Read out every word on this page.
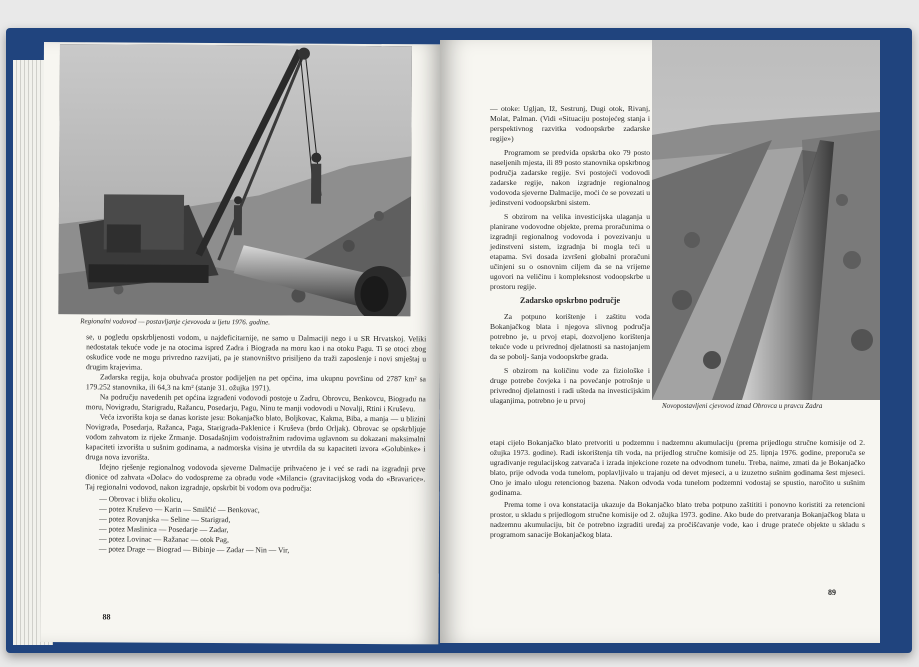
Regionalni vodovod — postavljanje cjevovoda u ljetu 1976. godine.

se, u pogledu opskrbljenosti vodom, u najdeficitarnije, ne samo u Dalmaciji nego i u SR Hrvatskoj. Veliki nedostatak tekuće vode je na otocima ispred Zadra i Biograda na moru kao i na otoku Pagu. Ti se otoci zbog oskudice vode ne mogu privredno razvijati, pa je stanovništvo prisiljeno da traži zaposlenje i novi smještaj u drugim krajevima.

Zadarska regija, koja obuhvaća prostor podijeljen na pet općina, ima ukupnu površinu od 2787 km² sa 179.252 stanovnika, ili 64,3 na km² (stanje 31. ožujka 1971).

Na području navedenih pet općina izgrađeni vodovodi postoje u Zadru, Obrovcu, Benkovcu, Biogradu na moru, Novigradu, Starigradu, Ražancu, Posedarju, Pagu, Ninu te manji vodovodi u Novalji, Rtini i Kruševu.

Veća izvorišta koja se danas koriste jesu: Bokanjačko blato, Boljkovac, Kakma, Biba, a manja — u blizini Novigrada, Posedarja, Ražanca, Paga, Starigrada-Paklenice i Kruševa (brdo Orljak). Obrovac se opskrbljuje vodom zahvatom iz rijeke Zrmanje. Dosadašnjim vodoistražnim radovima uglavnom su dokazani maksimalni kapaciteti izvorišta u sušnim godinama, a nadmorska visina je utvrdila da su kapaciteti izvora «Golubinke» i druga nova izvorišta.

Idejno rješenje regionalnog vodovoda sjeverne Dalmacije prihvaćeno je i već se radi na izgradnji prve dionice od zahvata «Dolac» do vodospreme za obradu vode «Milanci» (gravitacijskog voda do «Bravarice». Taj regionalni vodovod, nakon izgradnje, opskrbit bi vodom ova područja:

— Obrovac i bližu okolicu,
— potez Kruševo — Karin — Smilčić — Benkovac,
— potez Rovanjska — Seline — Starigrad,
— potez Maslinica — Posedarje — Zadar,
— potez Lovinac — Ražanac — otok Pag,
— potez Drage — Biograd — Bibinje — Zadar — Nin — Vir,
88

— otoke: Ugljan, Iž, Sestrunj, Dugi otok, Rivanj, Molat, Palman. (Vidi «Situaciju postojećeg stanja i perspektivnog razvitka vodoopskrbe zadarske regije»)

Programom se predviđa opskrba oko 79 posto naseljenih mjesta, ili 89 posto stanovnika opskrbnog područja zadarske regije. Svi postojeći vodovodi zadarske regije, nakon izgradnje regionalnog vodovoda sjeverne Dalmacije, moći će se povezati u jedinstveni vodoopskrbni sistem.

S obzirom na velika investicijska ulaganja u planirane vodovodne objekte, prema proračunima o izgradnji regionalnog vodovoda i povezivanju u jedinstveni sistem, izgradnja bi mogla teći u etapama. Svi dosada izvršeni globalni proračuni učinjeni su o osnovnim ciljem da se na vrijeme ugovori na veličinu i kompleksnost vodoopskrbe u prostoru regije.

Zadarsko opskrbno područje

Za potpuno korištenje i zaštitu voda Bokanjačkog blata i njegova slivnog područja potrebno je, u prvoj etapi, dozvoljeno korištenja tekuće vode u privrednoj djelatnosti sa nastojanjem da se pobolj- šanja vodoopskrbe grada.

S obzirom na količinu vode za fiziološke i druge potrebe čovjeka i na povećanje potrošnje u privrednoj djelatnosti i radi ušteda na investicijskim ulaganjima, potrebno je u prvoj

Novopostavljeni cjevovod iznad Obrovca u pravcu Zadra

etapi cijelo Bokanjačko blato pretvoriti u podzemnu i nadzemnu akumulaciju (prema prijedlogu stručne komisije od 2. ožujka 1973. godine). Radi iskorištenja tih voda, na prijedlog stručne komisije od 25. lipnja 1976. godine, preporuča se ugrađivanje regulacijskog zatvarača i izrada injekcione rozete na odvodnom tunelu. Treba, naime, zmati da je Bokanjačko blato, prije odvoda voda tunelom, poplavljivalo u trajanju od devet mjeseci, a u izuzetno sušnim godinama šest mjeseci. Ono je imalo ulogu retencionog bazena. Nakon odvoda voda tunelom podzemni vodostaj se spustio, naročito u sušnim godinama.

Prema tome i ova konstatacija ukazuje da Bokanjačko blato treba potpuno zaštititi i ponovno koristiti za retencioni prostor, u skladu s prijedlogom stručne komisije od 2. ožujka 1973. godine. Ako bude do pretvaranja Bokanjačkog blata u nadzemnu akumulaciju, bit će potrebno izgraditi uređaj za pročišćavanje vode, kao i druge prateće objekte u skladu s programom sanacije Bokanjačkog blata.

89
